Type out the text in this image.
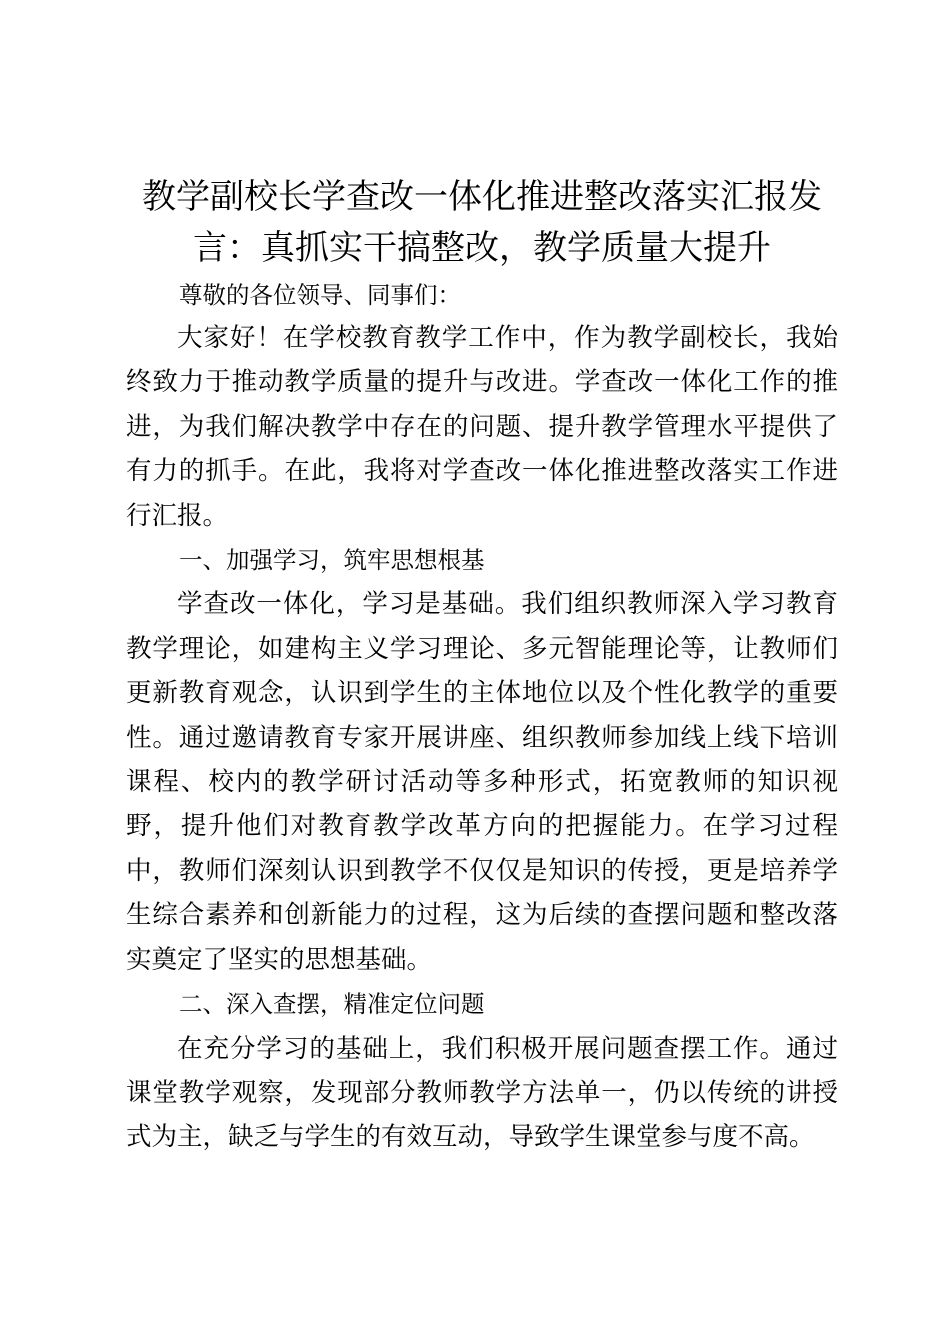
教学副校长学查改一体化推进整改落实汇报发
言：真抓实干搞整改，教学质量大提升

尊敬的各位领导、同事们：

大家好！在学校教育教学工作中，作为教学副校长，我始终致力于推动教学质量的提升与改进。学查改一体化工作的推进，为我们解决教学中存在的问题、提升教学管理水平提供了有力的抓手。在此，我将对学查改一体化推进整改落实工作进行汇报。

一、加强学习，筑牢思想根基

学查改一体化，学习是基础。我们组织教师深入学习教育教学理论，如建构主义学习理论、多元智能理论等，让教师们更新教育观念，认识到学生的主体地位以及个性化教学的重要性。通过邀请教育专家开展讲座、组织教师参加线上线下培训课程、校内的教学研讨活动等多种形式，拓宽教师的知识视野，提升他们对教育教学改革方向的把握能力。在学习过程中，教师们深刻认识到教学不仅仅是知识的传授，更是培养学生综合素养和创新能力的过程，这为后续的查摆问题和整改落实奠定了坚实的思想基础。

二、深入查摆，精准定位问题

在充分学习的基础上，我们积极开展问题查摆工作。通过课堂教学观察，发现部分教师教学方法单一，仍以传统的讲授式为主，缺乏与学生的有效互动，导致学生课堂参与度不高。
